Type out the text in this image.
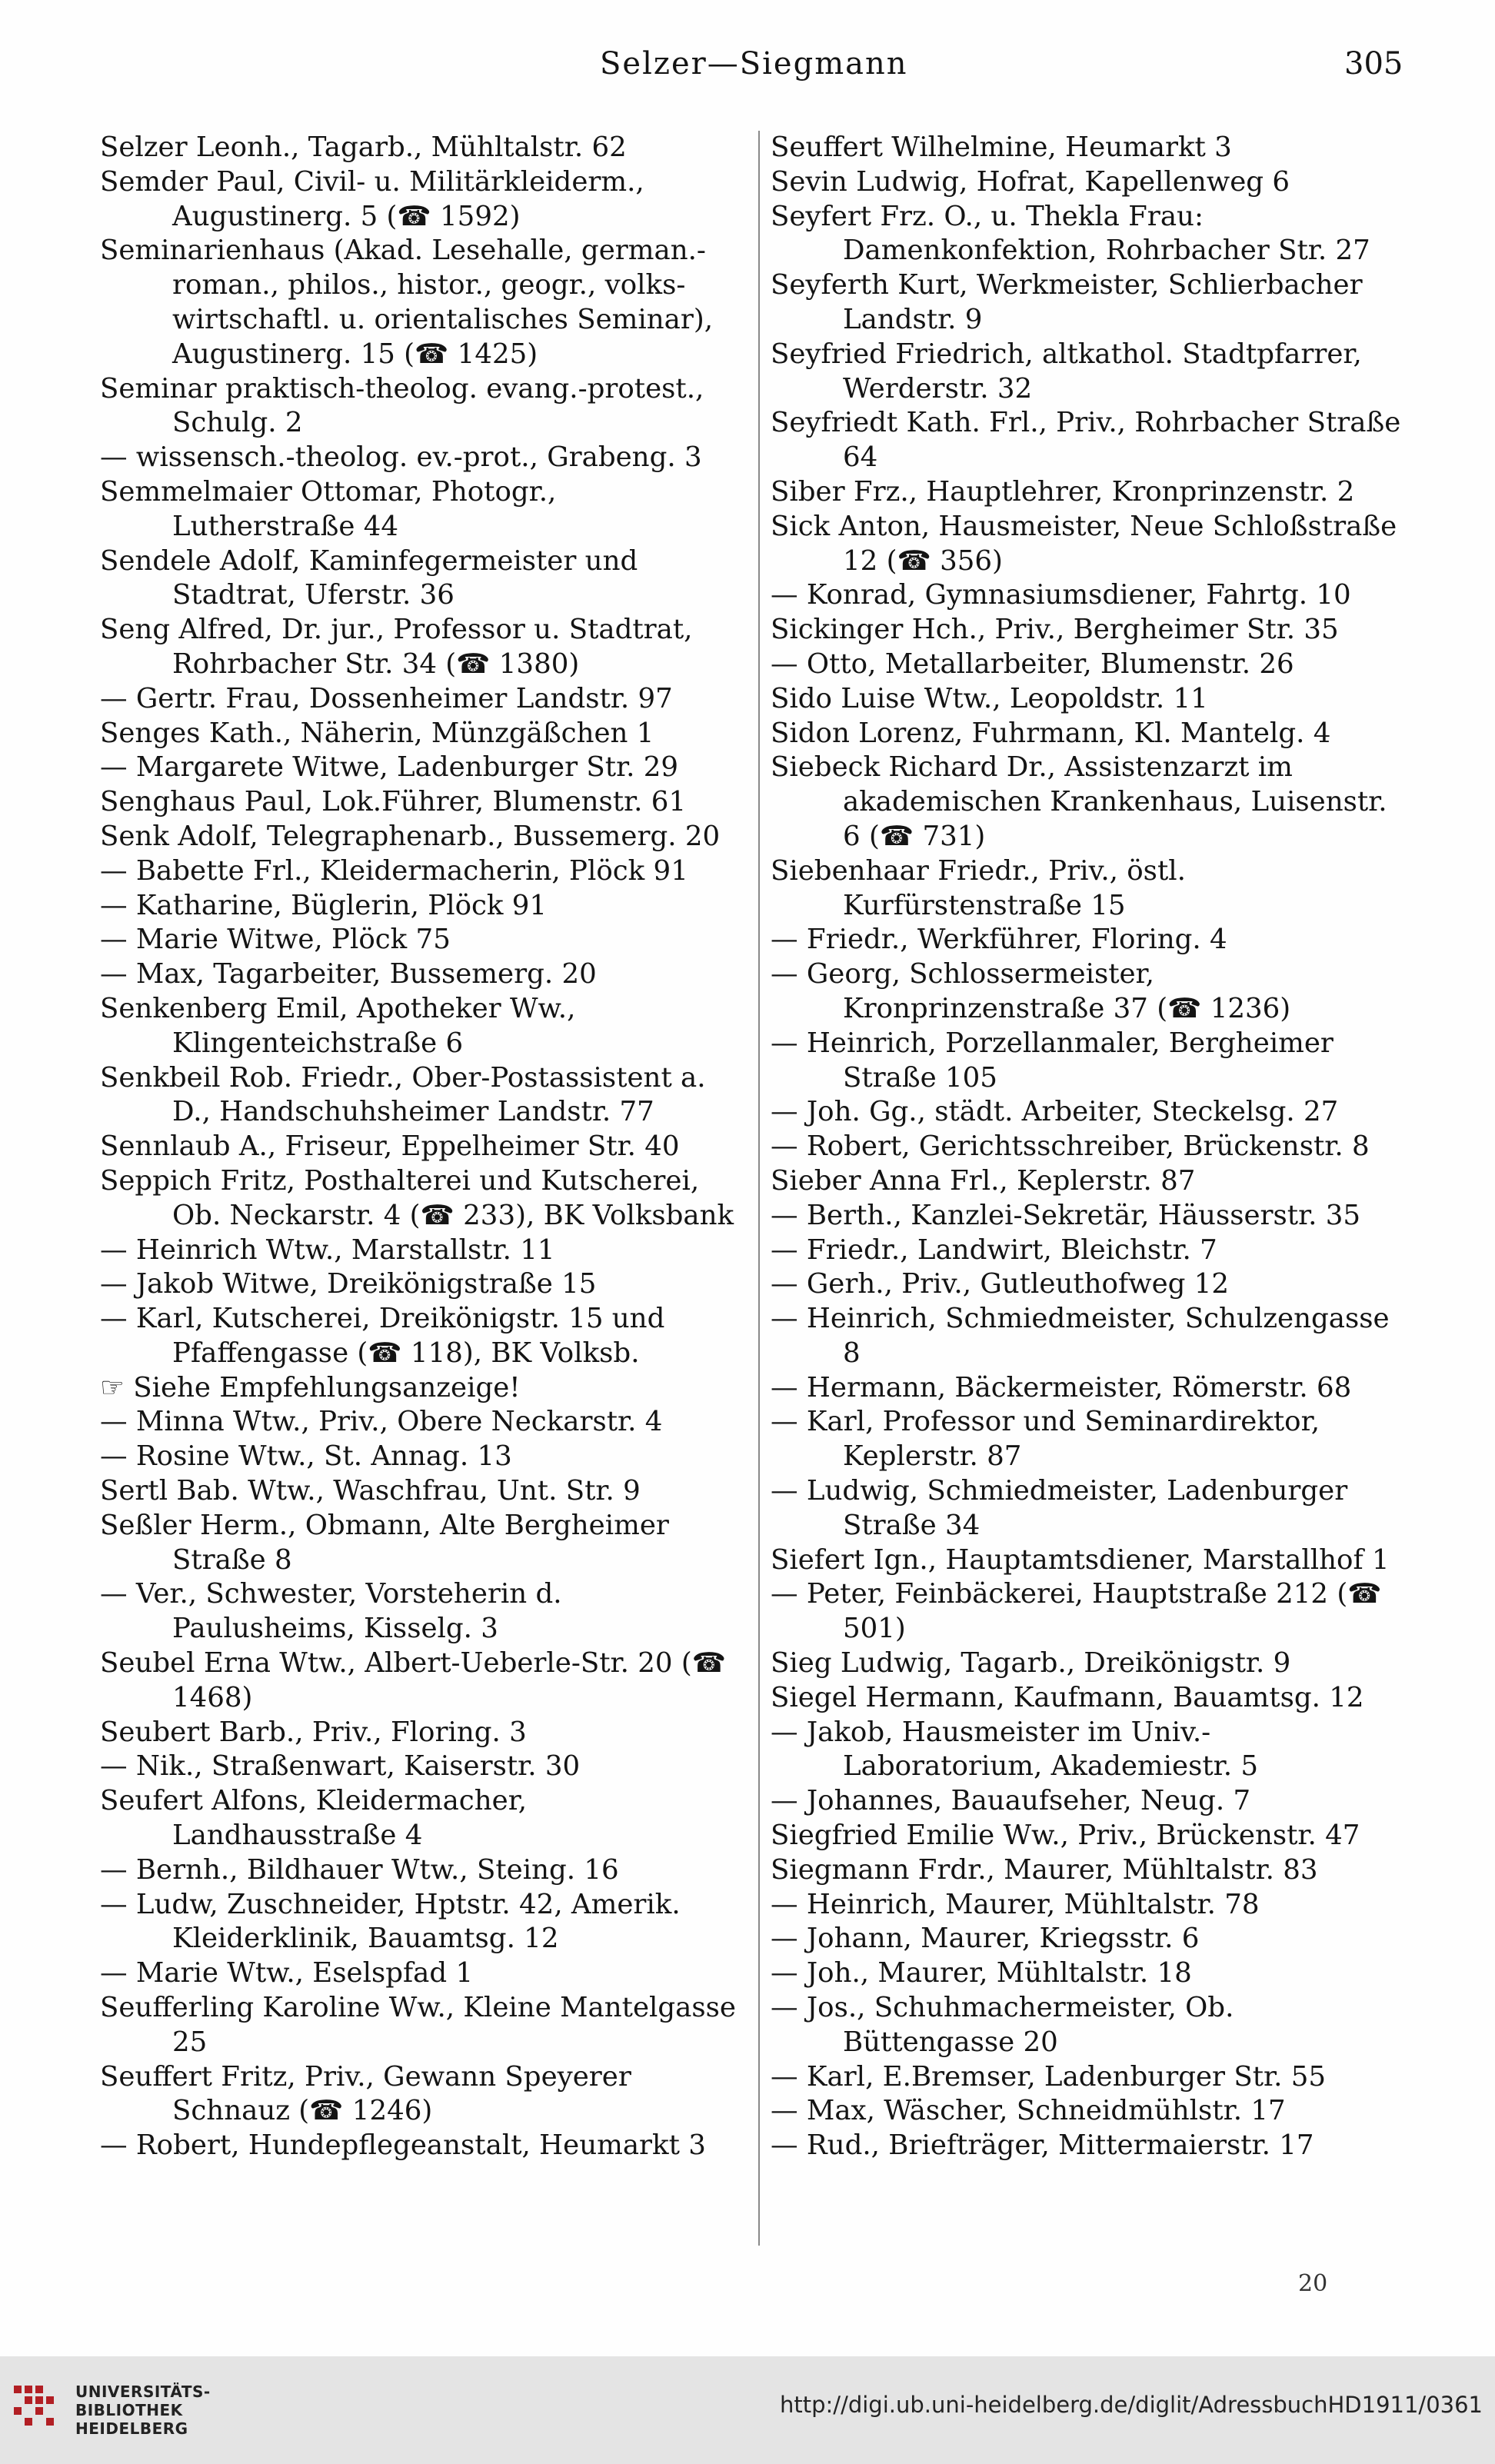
Selzer—Siegmann	305
Selzer Leonh., Tagarb., Mühltalstr. 62
Semder Paul, Civil- u. Militärkleiderm., Augustinerg. 5 (☎ 1592)
Seminarienhaus (Akad. Lesehalle, german.-roman., philos., histor., geogr., volks-wirtschaftl. u. orientalisches Seminar), Augustinerg. 15 (☎ 1425)
Seminar praktisch-theolog. evang.-protest., Schulg. 2
— wissensch.-theolog. ev.-prot., Grabeng. 3
Semmelmaier Ottomar, Photogr., Lutherstraße 44
Sendele Adolf, Kaminfegermeister und Stadtrat, Uferstr. 36
Seng Alfred, Dr. jur., Professor u. Stadtrat, Rohrbacher Str. 34 (☎ 1380)
— Gertr. Frau, Dossenheimer Landstr. 97
Senges Kath., Näherin, Münzgäßchen 1
— Margarete Witwe, Ladenburger Str. 29
Senghaus Paul, Lok.Führer, Blumenstr. 61
Senk Adolf, Telegraphenarb., Bussemerg. 20
— Babette Frl., Kleidermacherin, Plöck 91
— Katharine, Büglerin, Plöck 91
— Marie Witwe, Plöck 75
— Max, Tagarbeiter, Bussemerg. 20
Senkenberg Emil, Apotheker Ww., Klingenteichstraße 6
Senkbeil Rob. Friedr., Ober-Postassistent a. D., Handschuhsheimer Landstr. 77
Sennlaub A., Friseur, Eppelheimer Str. 40
Seppich Fritz, Posthalterei und Kutscherei, Ob. Neckarstr. 4 (☎ 233), BK Volksbank
— Heinrich Wtw., Marstallstr. 11
— Jakob Witwe, Dreikönigstraße 15
— Karl, Kutscherei, Dreikönigstr. 15 und Pfaffengasse (☎ 118), BK Volksb.
☞ Siehe Empfehlungsanzeige!
— Minna Wtw., Priv., Obere Neckarstr. 4
— Rosine Wtw., St. Annag. 13
Sertl Bab. Wtw., Waschfrau, Unt. Str. 9
Seßler Herm., Obmann, Alte Bergheimer Straße 8
— Ver., Schwester, Vorsteherin d. Paulusheims, Kisselg. 3
Seubel Erna Wtw., Albert-Ueberle-Str. 20 (☎ 1468)
Seubert Barb., Priv., Floring. 3
— Nik., Straßenwart, Kaiserstr. 30
Seufert Alfons, Kleidermacher, Landhausstraße 4
— Bernh., Bildhauer Wtw., Steing. 16
— Ludw, Zuschneider, Hptstr. 42, Amerik. Kleiderklinik, Bauamtsg. 12
— Marie Wtw., Eselspfad 1
Seufferling Karoline Ww., Kleine Mantelgasse 25
Seuffert Fritz, Priv., Gewann Speyerer Schnauz (☎ 1246)
— Robert, Hundepflegeanstalt, Heumarkt 3
Seuffert Wilhelmine, Heumarkt 3
Sevin Ludwig, Hofrat, Kapellenweg 6
Seyfert Frz. O., u. Thekla Frau: Damenkonfektion, Rohrbacher Str. 27
Seyferth Kurt, Werkmeister, Schlierbacher Landstr. 9
Seyfried Friedrich, altkathol. Stadtpfarrer, Werderstr. 32
Seyfriedt Kath. Frl., Priv., Rohrbacher Straße 64
Siber Frz., Hauptlehrer, Kronprinzenstr. 2
Sick Anton, Hausmeister, Neue Schloßstraße 12 (☎ 356)
— Konrad, Gymnasiumsdiener, Fahrtg. 10
Sickinger Hch., Priv., Bergheimer Str. 35
— Otto, Metallarbeiter, Blumenstr. 26
Sido Luise Wtw., Leopoldstr. 11
Sidon Lorenz, Fuhrmann, Kl. Mantelg. 4
Siebeck Richard Dr., Assistenzarzt im akademischen Krankenhaus, Luisenstr. 6 (☎ 731)
Siebenhaar Friedr., Priv., östl. Kurfürstenstraße 15
— Friedr., Werkführer, Floring. 4
— Georg, Schlossermeister, Kronprinzenstraße 37 (☎ 1236)
— Heinrich, Porzellanmaler, Bergheimer Straße 105
— Joh. Gg., städt. Arbeiter, Steckelsg. 27
— Robert, Gerichtsschreiber, Brückenstr. 8
Sieber Anna Frl., Keplerstr. 87
— Berth., Kanzlei-Sekretär, Häusserstr. 35
— Friedr., Landwirt, Bleichstr. 7
— Gerh., Priv., Gutleuthofweg 12
— Heinrich, Schmiedmeister, Schulzengasse 8
— Hermann, Bäckermeister, Römerstr. 68
— Karl, Professor und Seminardirektor, Keplerstr. 87
— Ludwig, Schmiedmeister, Ladenburger Straße 34
Siefert Ign., Hauptamtsdiener, Marstallhof 1
— Peter, Feinbäckerei, Hauptstraße 212 (☎ 501)
Sieg Ludwig, Tagarb., Dreikönigstr. 9
Siegel Hermann, Kaufmann, Bauamtsg. 12
— Jakob, Hausmeister im Univ.-Laboratorium, Akademiestr. 5
— Johannes, Bauaufseher, Neug. 7
Siegfried Emilie Ww., Priv., Brückenstr. 47
Siegmann Frdr., Maurer, Mühltalstr. 83
— Heinrich, Maurer, Mühltalstr. 78
— Johann, Maurer, Kriegsstr. 6
— Joh., Maurer, Mühltalstr. 18
— Jos., Schuhmachermeister, Ob. Büttengasse 20
— Karl, E.Bremser, Ladenburger Str. 55
— Max, Wäscher, Schneidmühlstr. 17
— Rud., Briefträger, Mittermaierstr. 17
20
UNIVERSITÄTS-
BIBLIOTHEK
HEIDELBERG
http://digi.ub.uni-heidelberg.de/diglit/AdressbuchHD1911/0361
